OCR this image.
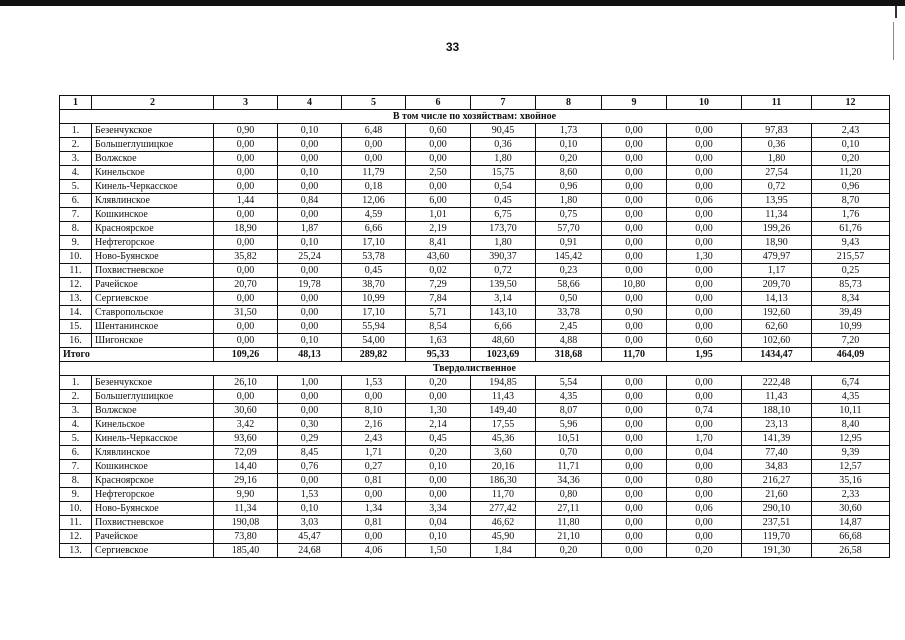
33
1	2	3	4	5	6	7	8	9	10	11	12
В том числе по хозяйствам: хвойное											
1.	Безенчукское	0,90	0,10	6,48	0,60	90,45	1,73	0,00	0,00	97,83	2,43
2.	Большеглушицкое	0,00	0,00	0,00	0,00	0,36	0,10	0,00	0,00	0,36	0,10
3.	Волжское	0,00	0,00	0,00	0,00	1,80	0,20	0,00	0,00	1,80	0,20
4.	Кинельское	0,00	0,10	11,79	2,50	15,75	8,60	0,00	0,00	27,54	11,20
5.	Кинель-Черкасское	0,00	0,00	0,18	0,00	0,54	0,96	0,00	0,00	0,72	0,96
6.	Клявлинское	1,44	0,84	12,06	6,00	0,45	1,80	0,00	0,06	13,95	8,70
7.	Кошкинское	0,00	0,00	4,59	1,01	6,75	0,75	0,00	0,00	11,34	1,76
8.	Красноярское	18,90	1,87	6,66	2,19	173,70	57,70	0,00	0,00	199,26	61,76
9.	Нефтегорское	0,00	0,10	17,10	8,41	1,80	0,91	0,00	0,00	18,90	9,43
10.	Ново-Буянское	35,82	25,24	53,78	43,60	390,37	145,42	0,00	1,30	479,97	215,57
11.	Похвистневское	0,00	0,00	0,45	0,02	0,72	0,23	0,00	0,00	1,17	0,25
12.	Рачейское	20,70	19,78	38,70	7,29	139,50	58,66	10,80	0,00	209,70	85,73
13.	Сергиевское	0,00	0,00	10,99	7,84	3,14	0,50	0,00	0,00	14,13	8,34
14.	Ставропольское	31,50	0,00	17,10	5,71	143,10	33,78	0,90	0,00	192,60	39,49
15.	Шентанинское	0,00	0,00	55,94	8,54	6,66	2,45	0,00	0,00	62,60	10,99
16.	Шигонское	0,00	0,10	54,00	1,63	48,60	4,88	0,00	0,60	102,60	7,20
Итого		109,26	48,13	289,82	95,33	1023,69	318,68	11,70	1,95	1434,47	464,09
Твердолиственное											
1.	Безенчукское	26,10	1,00	1,53	0,20	194,85	5,54	0,00	0,00	222,48	6,74
2.	Большеглушицкое	0,00	0,00	0,00	0,00	11,43	4,35	0,00	0,00	11,43	4,35
3.	Волжское	30,60	0,00	8,10	1,30	149,40	8,07	0,00	0,74	188,10	10,11
4.	Кинельское	3,42	0,30	2,16	2,14	17,55	5,96	0,00	0,00	23,13	8,40
5.	Кинель-Черкасское	93,60	0,29	2,43	0,45	45,36	10,51	0,00	1,70	141,39	12,95
6.	Клявлинское	72,09	8,45	1,71	0,20	3,60	0,70	0,00	0,04	77,40	9,39
7.	Кошкинское	14,40	0,76	0,27	0,10	20,16	11,71	0,00	0,00	34,83	12,57
8.	Красноярское	29,16	0,00	0,81	0,00	186,30	34,36	0,00	0,80	216,27	35,16
9.	Нефтегорское	9,90	1,53	0,00	0,00	11,70	0,80	0,00	0,00	21,60	2,33
10.	Ново-Буянское	11,34	0,10	1,34	3,34	277,42	27,11	0,00	0,06	290,10	30,60
11.	Похвистневское	190,08	3,03	0,81	0,04	46,62	11,80	0,00	0,00	237,51	14,87
12.	Рачейское	73,80	45,47	0,00	0,10	45,90	21,10	0,00	0,00	119,70	66,68
13.	Сергиевское	185,40	24,68	4,06	1,50	1,84	0,20	0,00	0,20	191,30	26,58
